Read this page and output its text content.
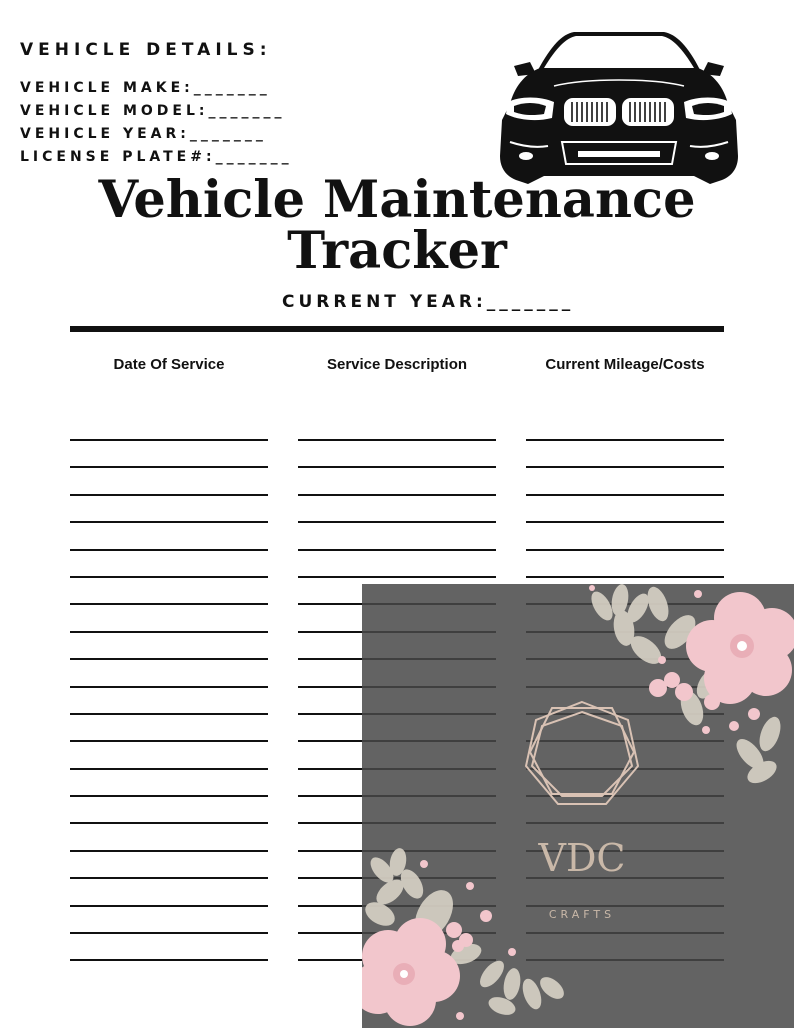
VEHICLE DETAILS:
VEHICLE MAKE:_______
VEHICLE MODEL:_______
VEHICLE YEAR:_______
LICENSE PLATE#:_______
Vehicle Maintenance
Tracker
CURRENT YEAR:_______
Date Of Service	Service Description	Current Mileage/Costs
VDC
CRAFTS
